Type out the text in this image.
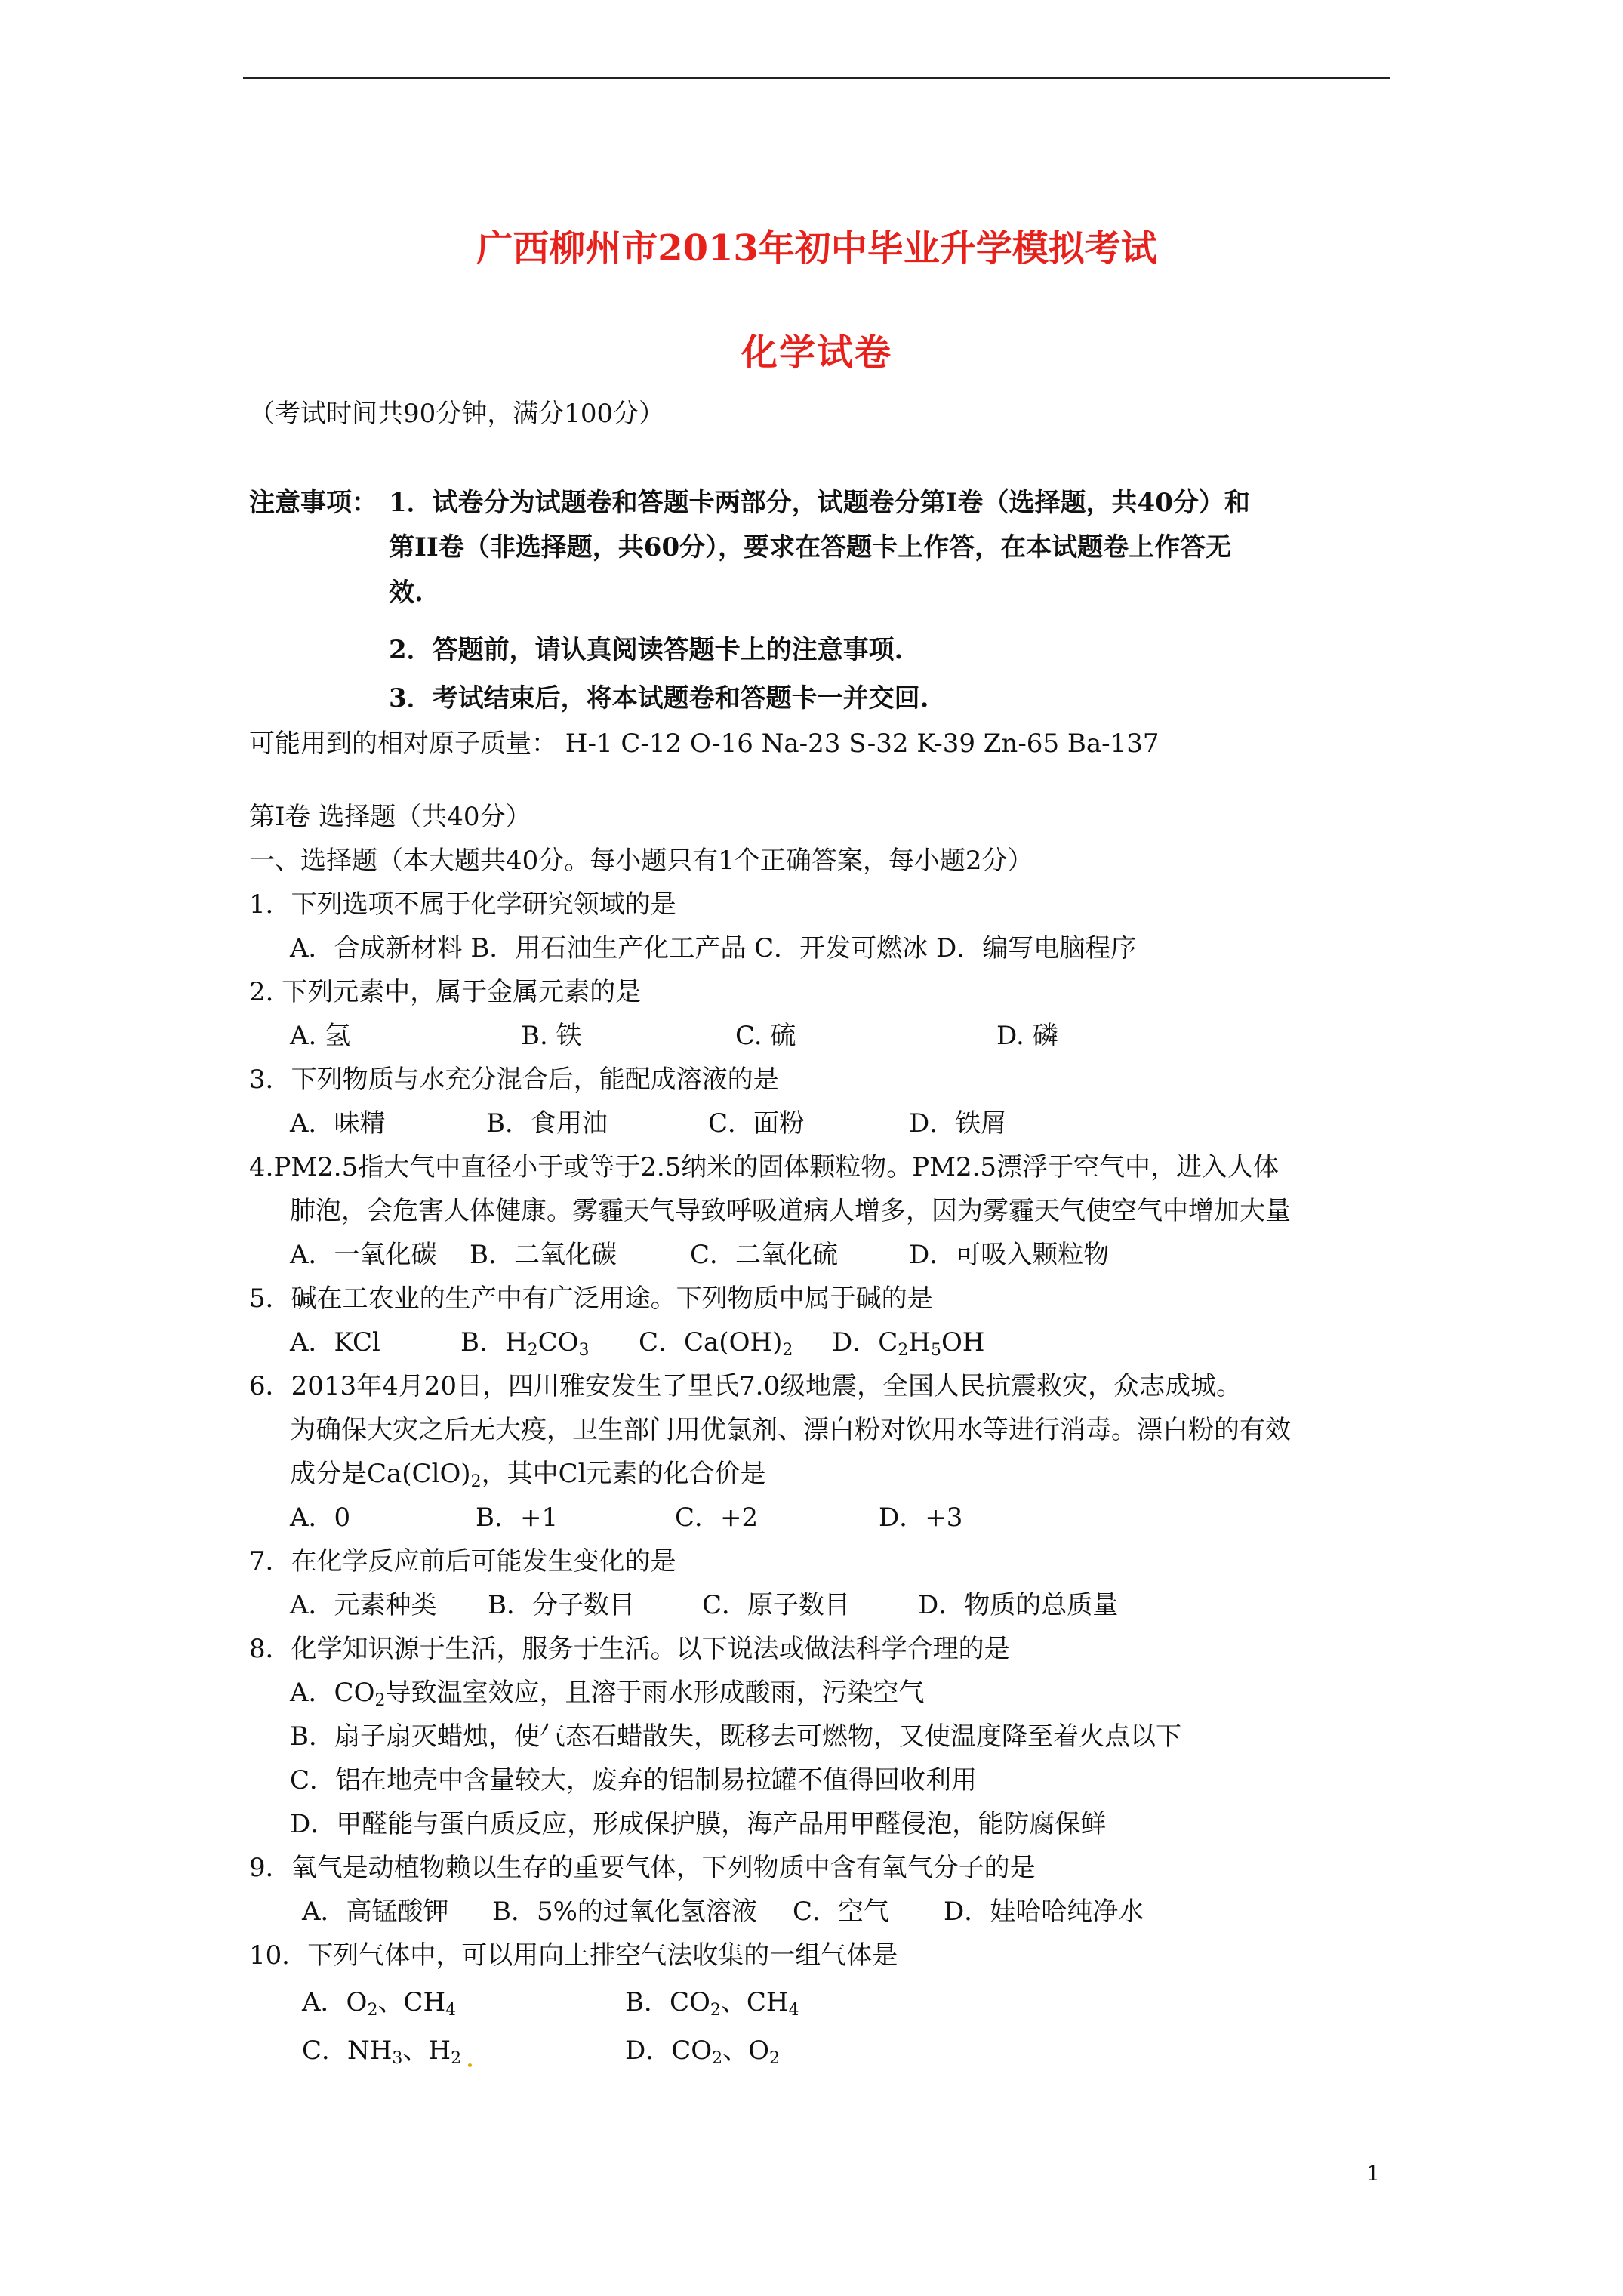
广西柳州市2013年初中毕业升学模拟考试
化学试卷
（考试时间共90分钟，满分100分）
注意事项： 1．试卷分为试题卷和答题卡两部分，试题卷分第Ⅰ卷（选择题，共40分）和
第II卷（非选择题，共60分），要求在答题卡上作答，在本试题卷上作答无
效.
2．答题前，请认真阅读答题卡上的注意事项.
3．考试结束后，将本试题卷和答题卡一并交回.
可能用到的相对原子质量： H-1 C-12 O-16 Na-23 S-32 K-39 Zn-65 Ba-137
第Ⅰ卷 选择题（共40分）
一、选择题（本大题共40分。每小题只有1个正确答案，每小题2分）
1．下列选项不属于化学研究领域的是
A．合成新材料 B．用石油生产化工产品 C．开发可燃冰 D．编写电脑程序
2. 下列元素中，属于金属元素的是
A. 氢	B. 铁	C. 硫	D. 磷
3．下列物质与水充分混合后，能配成溶液的是
A．味精	B．食用油	C．面粉	D．铁屑
4.PM2.5指大气中直径小于或等于2.5纳米的固体颗粒物。PM2.5漂浮于空气中，进入人体
肺泡，会危害人体健康。雾霾天气导致呼吸道病人增多，因为雾霾天气使空气中增加大量
A．一氧化碳 B．二氧化碳	C．二氧化硫	D．可吸入颗粒物
5．碱在工农业的生产中有广泛用途。下列物质中属于碱的是
A．KCl	B．$H_2CO_3$ C．$Ca(OH)_2$ D．$C_2H_5OH$
6．2013年4月20日，四川雅安发生了里氏7.0级地震，全国人民抗震救灾，众志成城。
为确保大灾之后无大疫，卫生部门用优氯剂、漂白粉对饮用水等进行消毒。漂白粉的有效
成分是$Ca(ClO)_2$，其中Cl元素的化合价是
A．0	B．+1	C．+2	D．+3
7．在化学反应前后可能发生变化的是
A．元素种类 B．分子数目	C．原子数目	D．物质的总质量
8．化学知识源于生活，服务于生活。以下说法或做法科学合理的是
A．$CO_2$导致温室效应，且溶于雨水形成酸雨，污染空气
B．扇子扇灭蜡烛，使气态石蜡散失，既移去可燃物，又使温度降至着火点以下
C．铝在地壳中含量较大，废弃的铝制易拉罐不值得回收利用
D．甲醛能与蛋白质反应，形成保护膜，海产品用甲醛侵泡，能防腐保鲜
9．氧气是动植物赖以生存的重要气体，下列物质中含有氧气分子的是
A．高锰酸钾 B．5%的过氧化氢溶液 C．空气 D．娃哈哈纯净水
10．下列气体中，可以用向上排空气法收集的一组气体是
A．$O_2$、$CH_4$	B．$CO_2$、$CH_4$
C．$NH_3$、$H_2$	D．$CO_2$、$O_2$
1
